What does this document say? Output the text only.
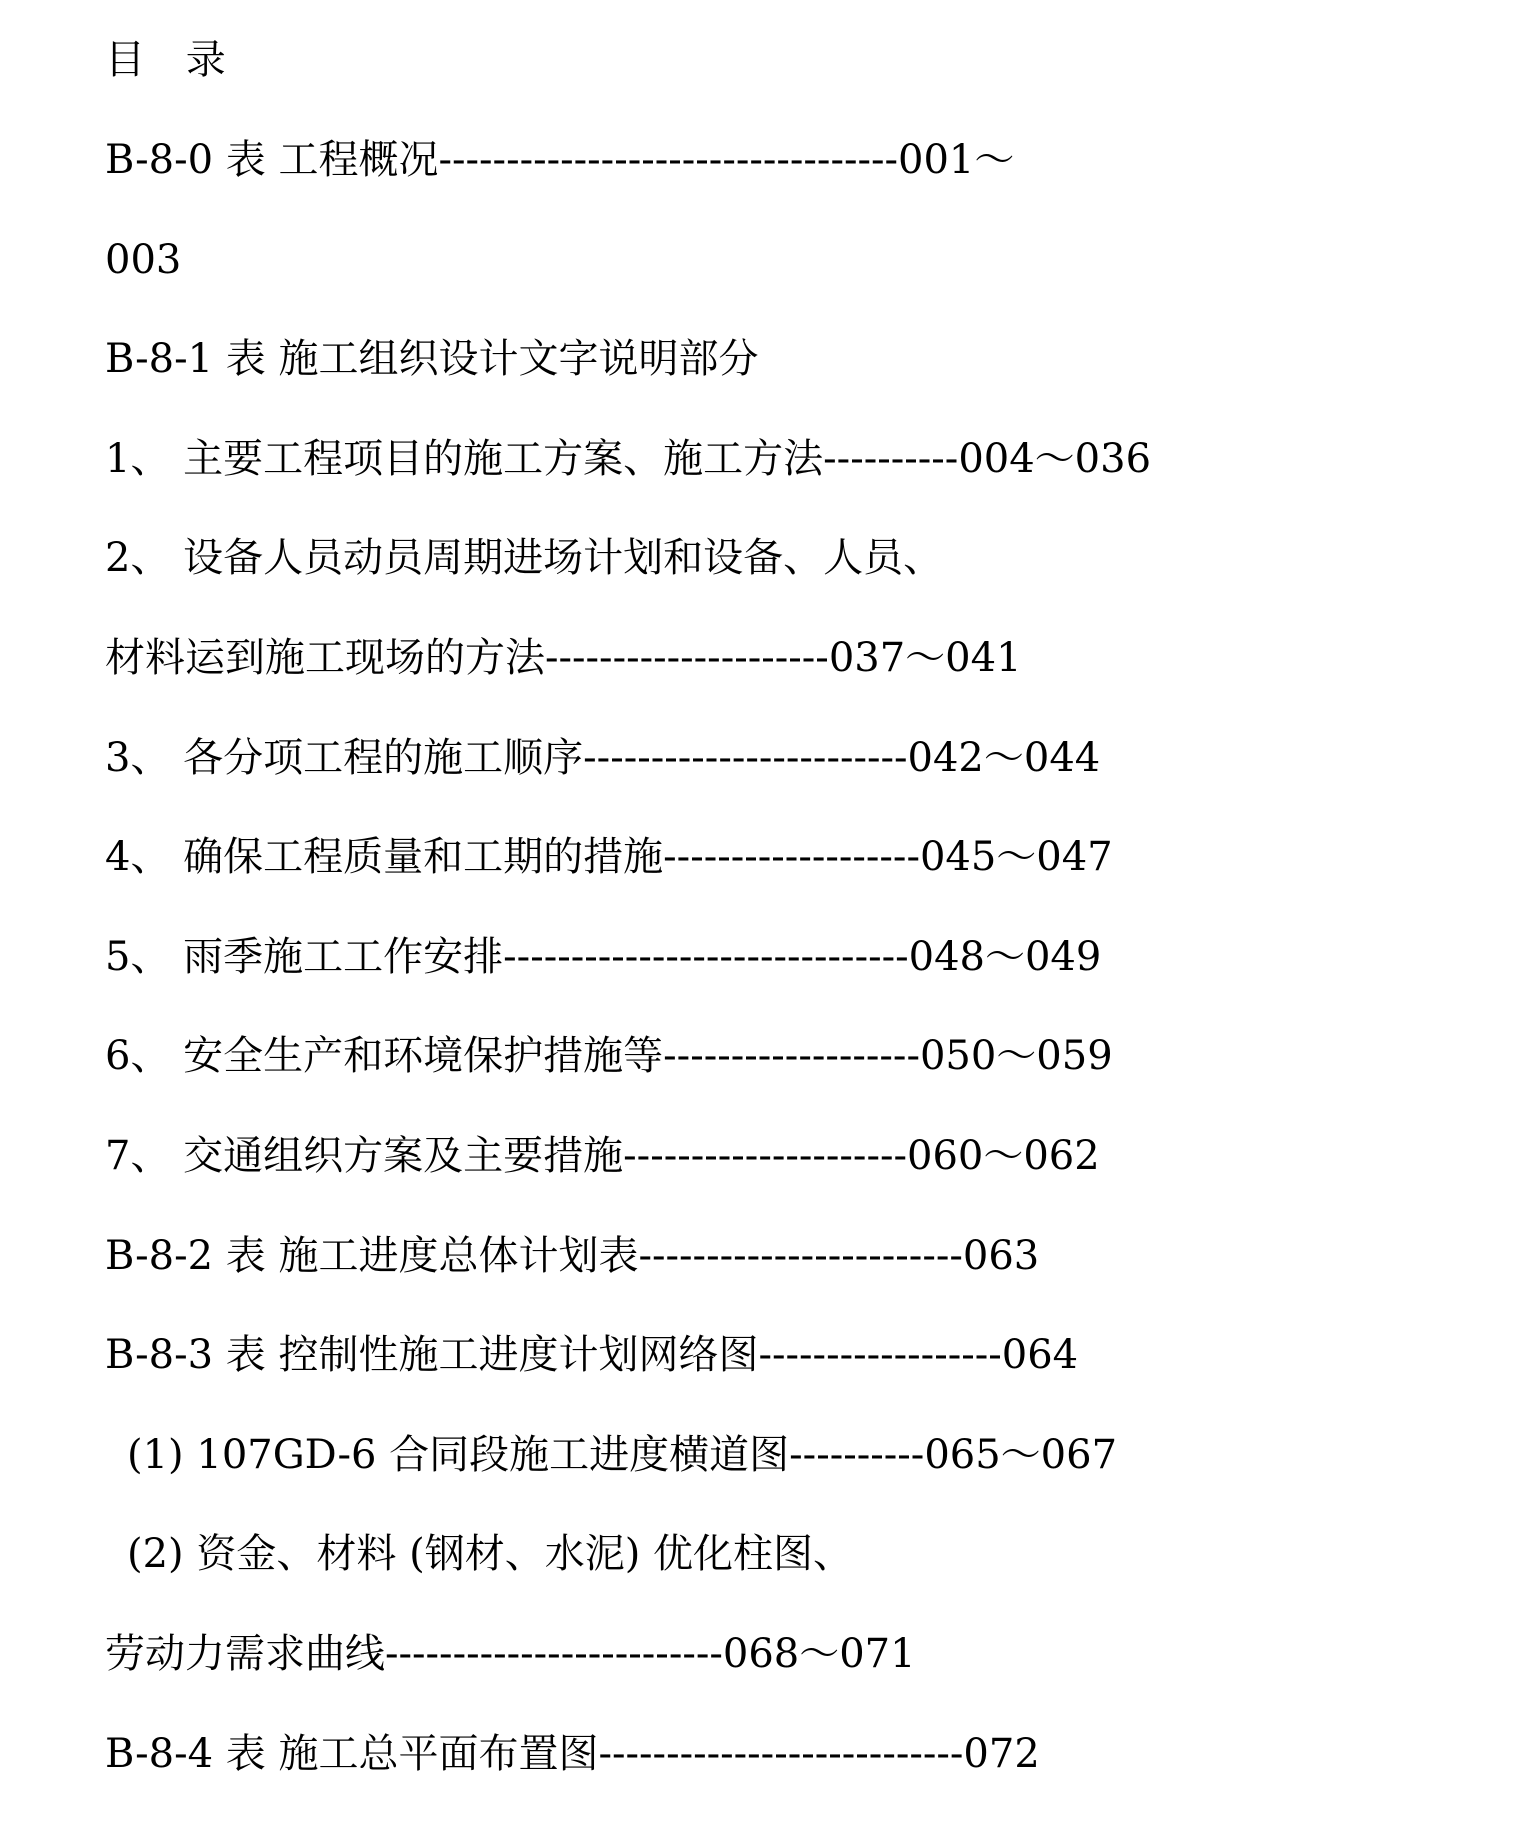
目 录
B-8-0 表 工程概况----------------------------------001～
003
B-8-1 表 施工组织设计文字说明部分
1、 主要工程项目的施工方案、施工方法----------004～036
2、 设备人员动员周期进场计划和设备、人员、
材料运到施工现场的方法---------------------037～041
3、 各分项工程的施工顺序------------------------042～044
4、 确保工程质量和工期的措施-------------------045～047
5、 雨季施工工作安排------------------------------048～049
6、 安全生产和环境保护措施等-------------------050～059
7、 交通组织方案及主要措施---------------------060～062
B-8-2 表 施工进度总体计划表------------------------063
B-8-3 表 控制性施工进度计划网络图------------------064
(1) 107GD-6 合同段施工进度横道图----------065～067
(2) 资金、材料 (钢材、水泥) 优化柱图、
劳动力需求曲线-------------------------068～071
B-8-4 表 施工总平面布置图---------------------------072
